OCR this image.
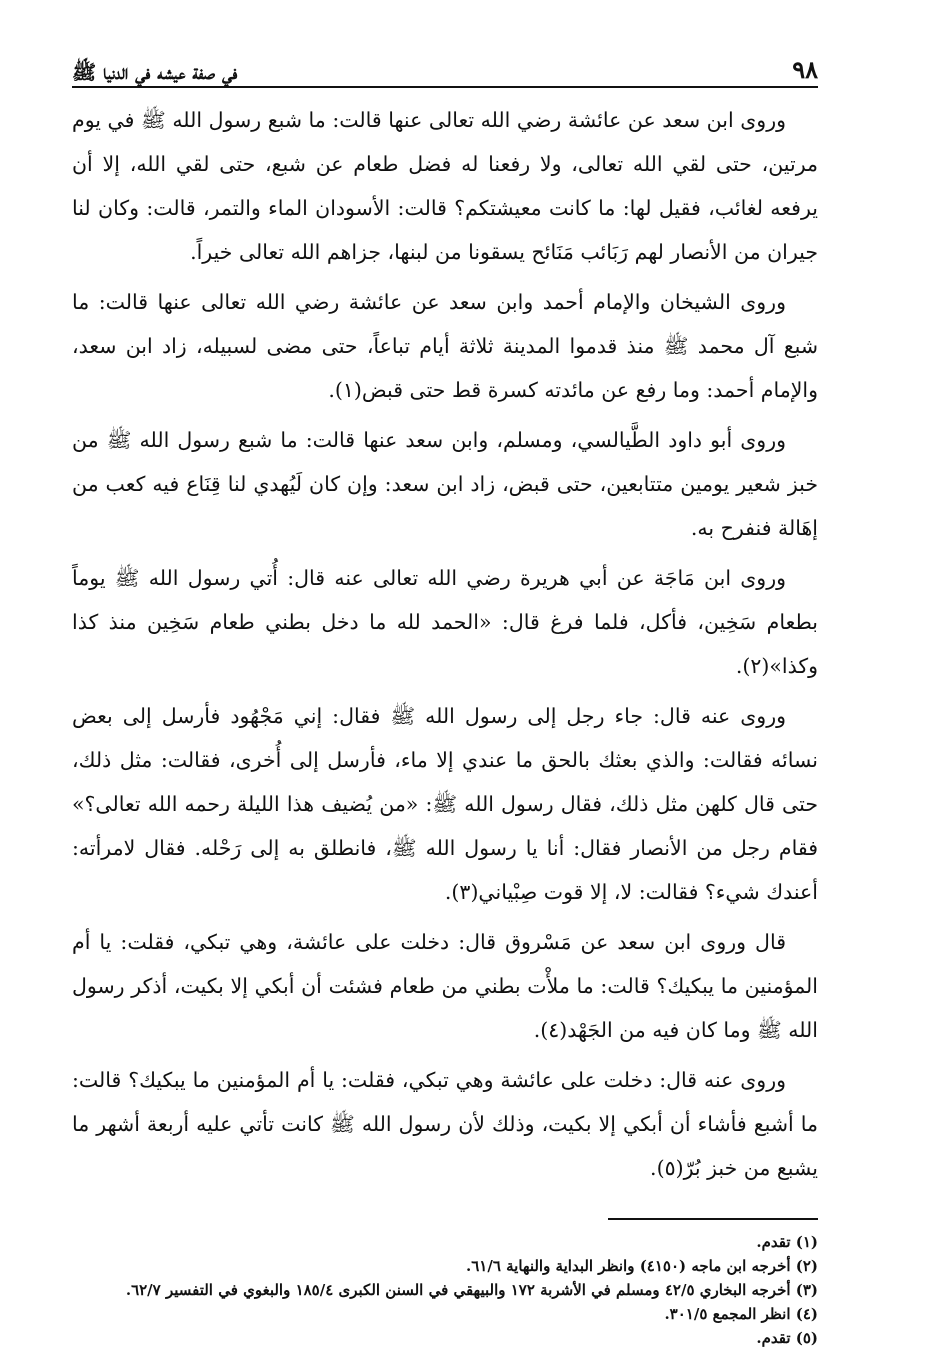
٩٨
في صفة عيشه في الدنيا ﷺ

وروى ابن سعد عن عائشة رضي الله تعالى عنها قالت: ما شبع رسول الله ﷺ في يوم مرتين، حتى لقي الله تعالى، ولا رفعنا له فضل طعام عن شبع، حتى لقي الله، إلا أن يرفعه لغائب، فقيل لها: ما كانت معيشتكم؟ قالت: الأسودان الماء والتمر، قالت: وكان لنا جيران من الأنصار لهم رَبَائب مَنَائح يسقونا من لبنها، جزاهم الله تعالى خيراً.

وروى الشيخان والإمام أحمد وابن سعد عن عائشة رضي الله تعالى عنها قالت: ما شبع آل محمد ﷺ منذ قدموا المدينة ثلاثة أيام تباعاً، حتى مضى لسبيله، زاد ابن سعد، والإمام أحمد: وما رفع عن مائدته كسرة قط حتى قبض(١).

وروى أبو داود الطَّيالسي، ومسلم، وابن سعد عنها قالت: ما شبع رسول الله ﷺ من خبز شعير يومين متتابعين، حتى قبض، زاد ابن سعد: وإن كان لَيُهدي لنا قِنَاع فيه كعب من إهَالة فنفرح به.

وروى ابن مَاجَة عن أبي هريرة رضي الله تعالى عنه قال: أُتي رسول الله ﷺ يوماً بطعام سَخِين، فأكل، فلما فرغ قال: «الحمد لله ما دخل بطني طعام سَخِين منذ كذا وكذا»(٢).

وروى عنه قال: جاء رجل إلى رسول الله ﷺ فقال: إني مَجْهُود فأرسل إلى بعض نسائه فقالت: والذي بعثك بالحق ما عندي إلا ماء، فأرسل إلى أُخرى، فقالت: مثل ذلك، حتى قال كلهن مثل ذلك، فقال رسول الله ﷺ: «من يُضيف هذا الليلة رحمه الله تعالى؟» فقام رجل من الأنصار فقال: أنا يا رسول الله ﷺ، فانطلق به إلى رَحْله. فقال لامرأته: أعندك شيء؟ فقالت: لا، إلا قوت صِبْياني(٣).

قال وروى ابن سعد عن مَسْروق قال: دخلت على عائشة، وهي تبكي، فقلت: يا أم المؤمنين ما يبكيك؟ قالت: ما ملأْت بطني من طعام فشئت أن أبكي إلا بكيت، أذكر رسول الله ﷺ وما كان فيه من الجَهْد(٤).

وروى عنه قال: دخلت على عائشة وهي تبكي، فقلت: يا أم المؤمنين ما يبكيك؟ قالت: ما أشبع فأشاء أن أبكي إلا بكيت، وذلك لأن رسول الله ﷺ كانت تأتي عليه أربعة أشهر ما يشبع من خبز بُرّ(٥).

(١) تقدم.
(٢) أخرجه ابن ماجه (٤١٥٠) وانظر البداية والنهاية ٦١/٦.
(٣) أخرجه البخاري ٤٢/٥ ومسلم في الأشربة ١٧٢ والبيهقي في السنن الكبرى ١٨٥/٤ والبغوي في التفسير ٦٢/٧.
(٤) انظر المجمع ٣٠١/٥.
(٥) تقدم.
